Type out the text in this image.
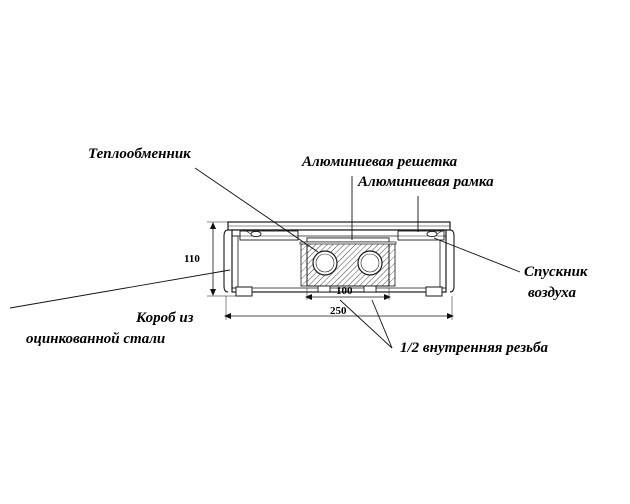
Теплообменник	Алюминиевая решетка
Алюминиевая рамка
Спускник
воздуха
Короб из
оцинкованной стали
1/2 внутренняя резьба
110
100
250
